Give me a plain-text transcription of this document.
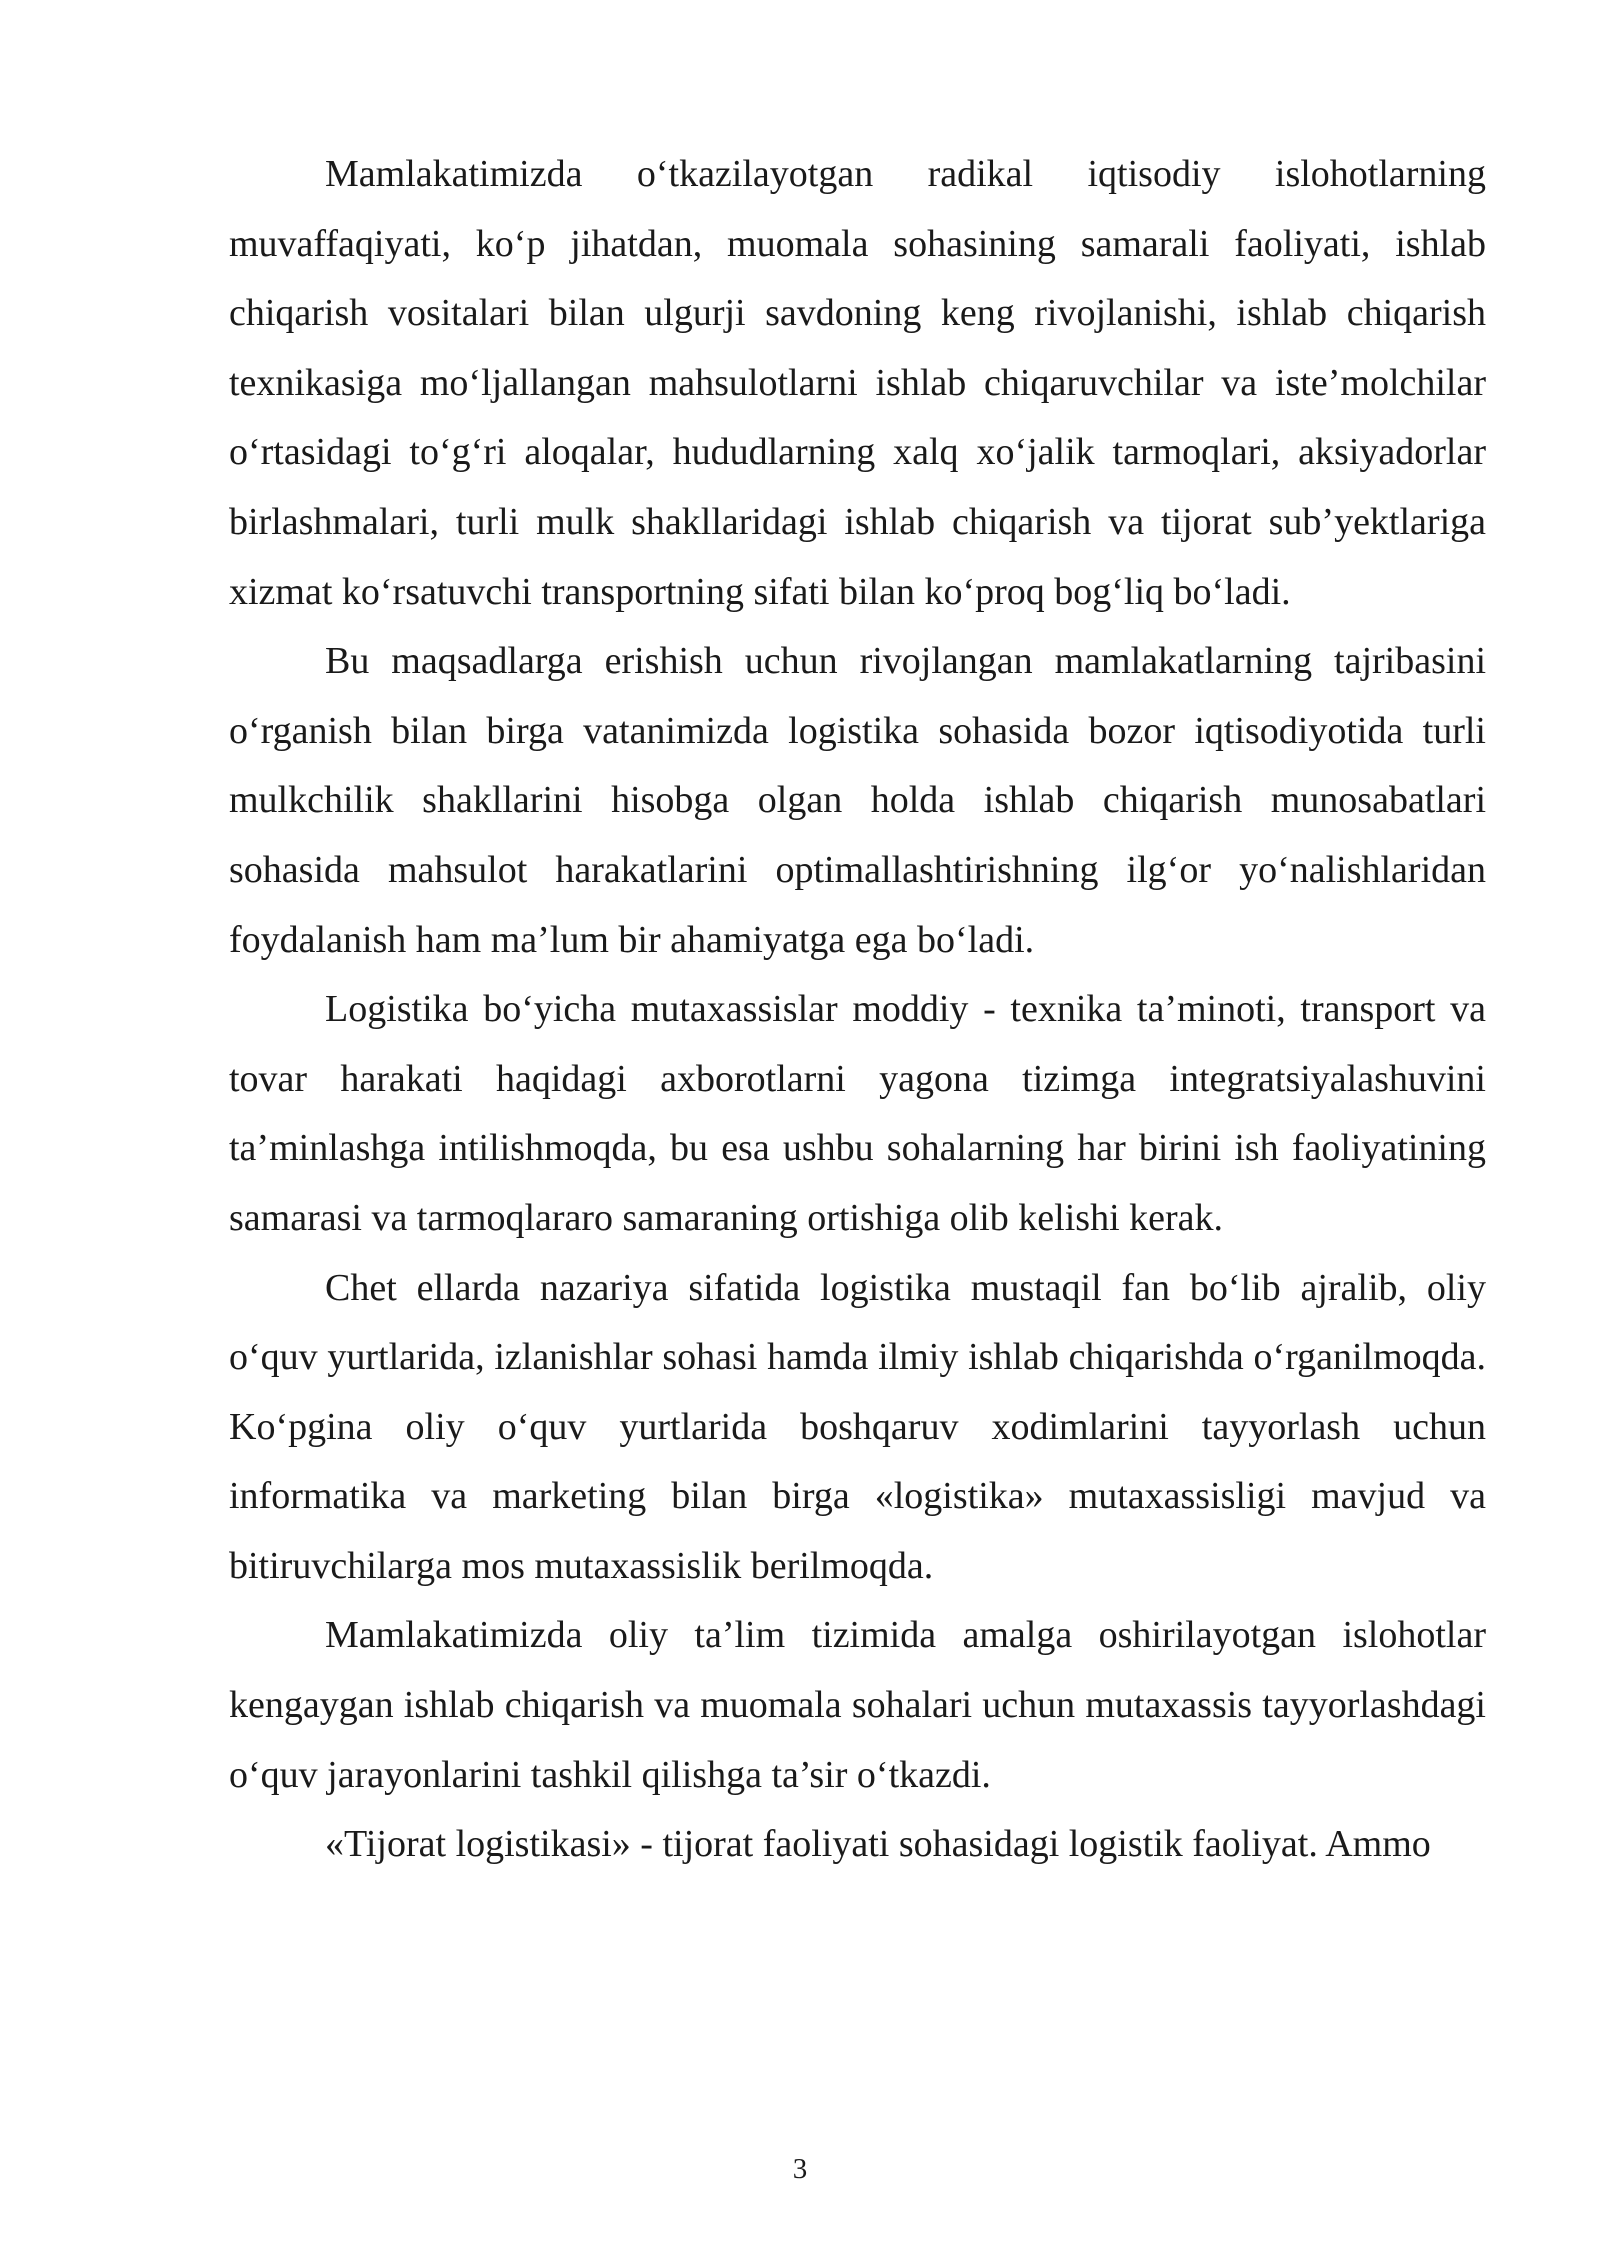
Mamlakatimizda o‘tkazilayotgan radikal iqtisodiy islohotlarning muvaffaqiyati, ko‘p jihatdan, muomala sohasining samarali faoliyati, ishlab chiqarish vositalari bilan ulgurji savdoning keng rivojlanishi, ishlab chiqarish texnikasiga mo‘ljallangan mahsulotlarni ishlab chiqaruvchilar va iste’molchilar o‘rtasidagi to‘g‘ri aloqalar, hududlarning xalq xo‘jalik tarmoqlari, aksiyadorlar birlashmalari, turli mulk shakllaridagi ishlab chiqarish va tijorat sub’yektlariga xizmat ko‘rsatuvchi transportning sifati bilan ko‘proq bog‘liq bo‘ladi.

Bu maqsadlarga erishish uchun rivojlangan mamlakatlarning tajribasini o‘rganish bilan birga vatanimizda logistika sohasida bozor iqtisodiyotida turli mulkchilik shakllarini hisobga olgan holda ishlab chiqarish munosabatlari sohasida mahsulot harakatlarini optimallashtirishning ilg‘or yo‘nalishlaridan foydalanish ham ma’lum bir ahamiyatga ega bo‘ladi.

Logistika bo‘yicha mutaxassislar moddiy - texnika ta’minoti, transport va tovar harakati haqidagi axborotlarni yagona tizimga integratsiyalashuvini ta’minlashga intilishmoqda, bu esa ushbu sohalarning har birini ish faoliyatining samarasi va tarmoqlararo samaraning ortishiga olib kelishi kerak.

Chet ellarda nazariya sifatida logistika mustaqil fan bo‘lib ajralib, oliy o‘quv yurtlarida, izlanishlar sohasi hamda ilmiy ishlab chiqarishda o‘rganilmoqda. Ko‘pgina oliy o‘quv yurtlarida boshqaruv xodimlarini tayyorlash uchun informatika va marketing bilan birga «logistika» mutaxassisligi mavjud va bitiruvchilarga mos mutaxassislik berilmoqda.

Mamlakatimizda oliy ta’lim tizimida amalga oshirilayotgan islohotlar kengaygan ishlab chiqarish va muomala sohalari uchun mutaxassis tayyorlashdagi o‘quv jarayonlarini tashkil qilishga ta’sir o‘tkazdi.

«Tijorat logistikasi» - tijorat faoliyati sohasidagi logistik faoliyat. Ammo

3
